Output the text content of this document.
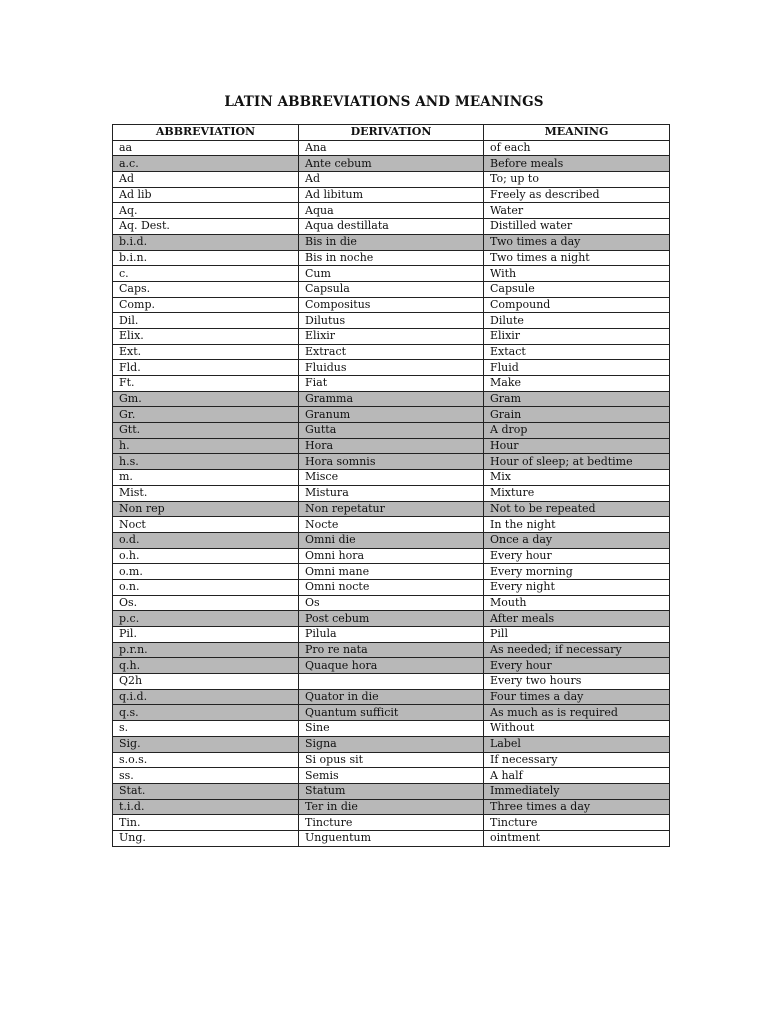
LATIN ABBREVIATIONS AND MEANINGS
ABBREVIATION	DERIVATION	MEANING
aa	Ana	of each
a.c.	Ante cebum	Before meals
Ad	Ad	To; up to
Ad lib	Ad libitum	Freely as described
Aq.	Aqua	Water
Aq. Dest.	Aqua destillata	Distilled water
b.i.d.	Bis in die	Two times a day
b.i.n.	Bis in noche	Two times a night
c.	Cum	With
Caps.	Capsula	Capsule
Comp.	Compositus	Compound
Dil.	Dilutus	Dilute
Elix.	Elixir	Elixir
Ext.	Extract	Extact
Fld.	Fluidus	Fluid
Ft.	Fiat	Make
Gm.	Gramma	Gram
Gr.	Granum	Grain
Gtt.	Gutta	A drop
h.	Hora	Hour
h.s.	Hora somnis	Hour of sleep; at bedtime
m.	Misce	Mix
Mist.	Mistura	Mixture
Non rep	Non repetatur	Not to be repeated
Noct	Nocte	In the night
o.d.	Omni die	Once a day
o.h.	Omni hora	Every hour
o.m.	Omni mane	Every morning
o.n.	Omni nocte	Every night
Os.	Os	Mouth
p.c.	Post cebum	After meals
Pil.	Pilula	Pill
p.r.n.	Pro re nata	As needed; if necessary
q.h.	Quaque hora	Every hour
Q2h		Every two hours
q.i.d.	Quator in die	Four times a day
q.s.	Quantum sufficit	As much as is required
s.	Sine	Without
Sig.	Signa	Label
s.o.s.	Si opus sit	If necessary
ss.	Semis	A half
Stat.	Statum	Immediately
t.i.d.	Ter in die	Three times a day
Tin.	Tincture	Tincture
Ung.	Unguentum	ointment
